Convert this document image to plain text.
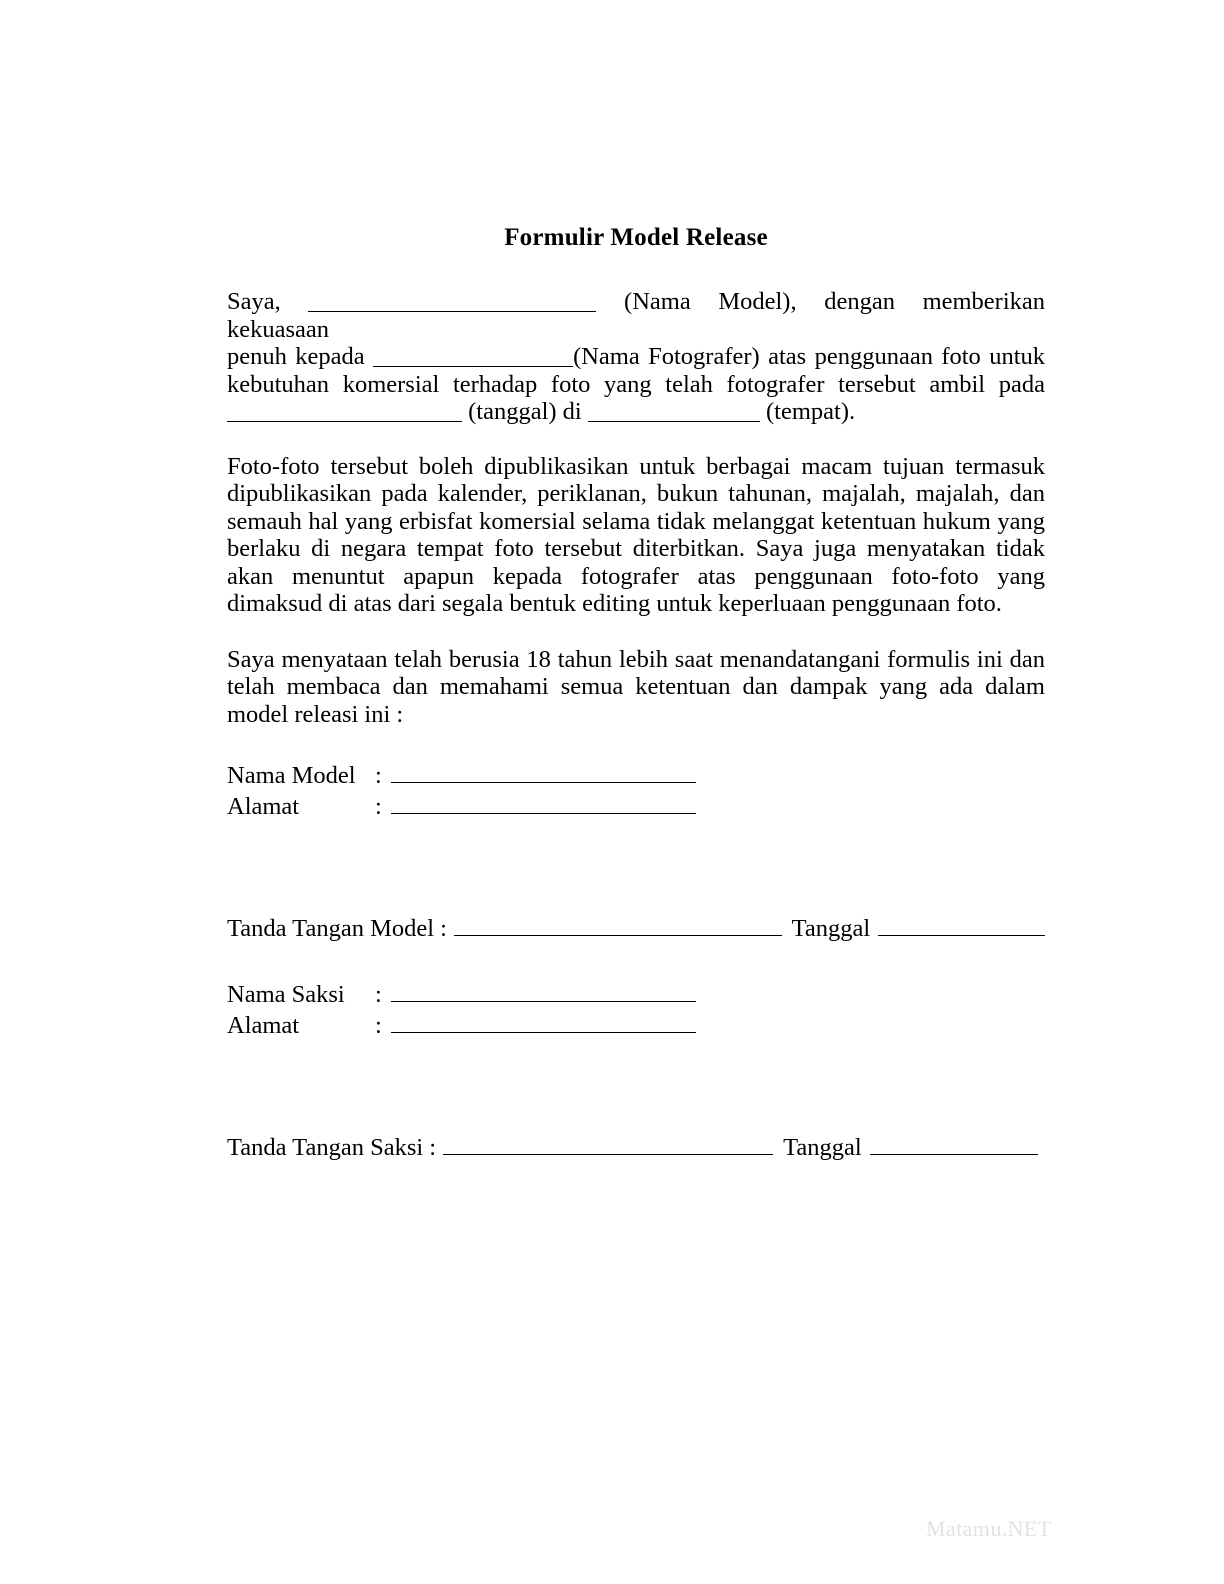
Formulir Model Release
Saya,	(Nama Model), dengan memberikan kekuasaan
penuh kepada	(Nama Fotografer) atas penggunaan foto untuk
kebutuhan komersial terhadap foto yang telah fotografer tersebut ambil pada
(tanggal) di	(tempat).

Foto-foto tersebut boleh dipublikasikan untuk berbagai macam tujuan termasuk dipublikasikan pada kalender, periklanan, bukun tahunan, majalah, majalah, dan semauh hal yang erbisfat komersial selama tidak melanggat ketentuan hukum yang berlaku di negara tempat foto tersebut diterbitkan. Saya juga menyatakan tidak akan menuntut apapun kepada fotografer atas penggunaan foto-foto yang dimaksud di atas dari segala bentuk editing untuk keperluaan penggunaan foto.

Saya menyataan telah berusia 18 tahun lebih saat menandatangani formulis ini dan telah membaca dan memahami semua ketentuan dan dampak yang ada dalam model releasi ini :

Nama Model :
Alamat	:
Tanda Tangan Model :	Tanggal
Nama Saksi	:
Alamat	:
Tanda Tangan Saksi :	Tanggal
Matamu.NET
